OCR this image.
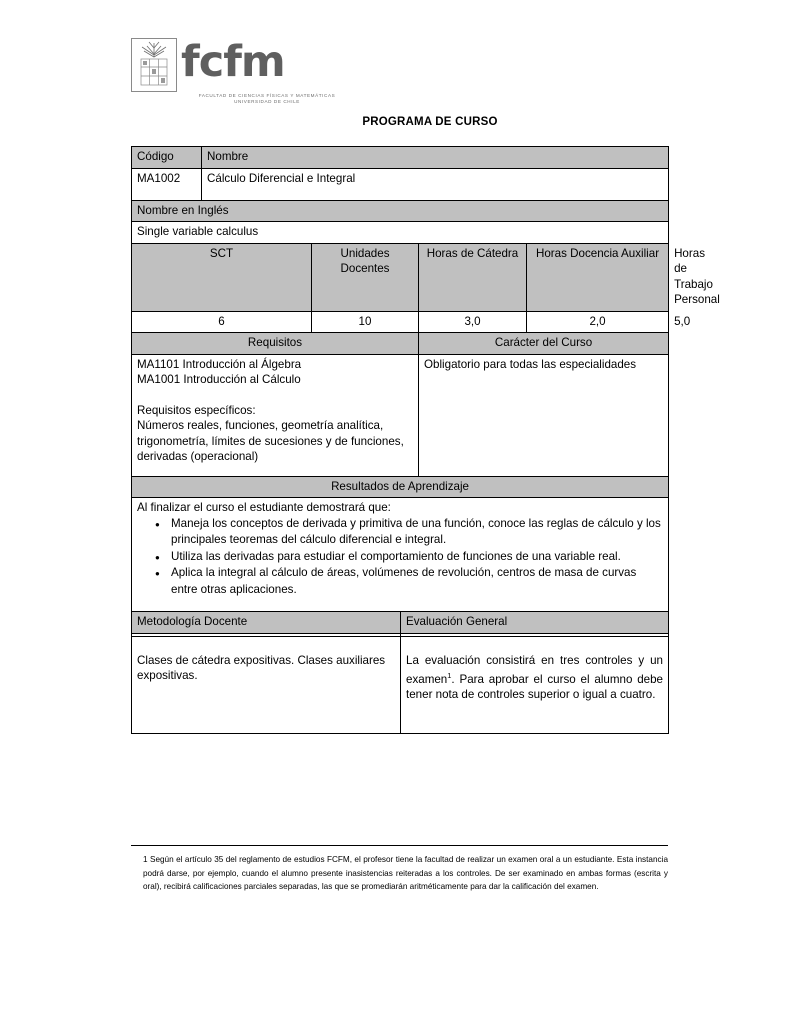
fcfm
FACULTAD DE CIENCIAS FÍSICAS Y MATEMÁTICAS UNIVERSIDAD DE CHILE
PROGRAMA DE CURSO
Código	Nombre				
MA1002	Cálculo Diferencial e Integral				
Nombre en Inglés					
Single variable calculus					
SCT		Unidades Docentes	Horas de Cátedra	Horas Docencia Auxiliar	Horas de Trabajo Personal
6		10	3,0	2,0	5,0
Requisitos			Carácter del Curso		

MA1101 Introducción al Álgebra
MA1001 Introducción al Cálculo

Requisitos específicos:
Números reales, funciones, geometría analítica, trigonometría, límites de sucesiones y de funciones, derivadas (operacional)			Obligatorio para todas las especialidades		
Resultados de Aprendizaje					

Al finalizar el curso el estudiante demostrará que:
● Maneja los conceptos de derivada y primitiva de una función, conoce las reglas de cálculo y los principales teoremas del cálculo diferencial e integral.
● Utiliza las derivadas para estudiar el comportamiento de funciones de una variable real.
● Aplica la integral al cálculo de áreas, volúmenes de revolución, centros de masa de curvas entre otras aplicaciones.
Metodología Docente	Evaluación General

Clases de cátedra expositivas. Clases auxiliares expositivas.	La evaluación consistirá en tres controles y un examen$^1$. Para aprobar el curso el alumno debe tener nota de controles superior o igual a cuatro.
1 Según el artículo 35 del reglamento de estudios FCFM, el profesor tiene la facultad de realizar un examen oral a un estudiante. Esta instancia podrá darse, por ejemplo, cuando el alumno presente inasistencias reiteradas a los controles. De ser examinado en ambas formas (escrita y oral), recibirá calificaciones parciales separadas, las que se promediarán aritméticamente para dar la calificación del examen.
